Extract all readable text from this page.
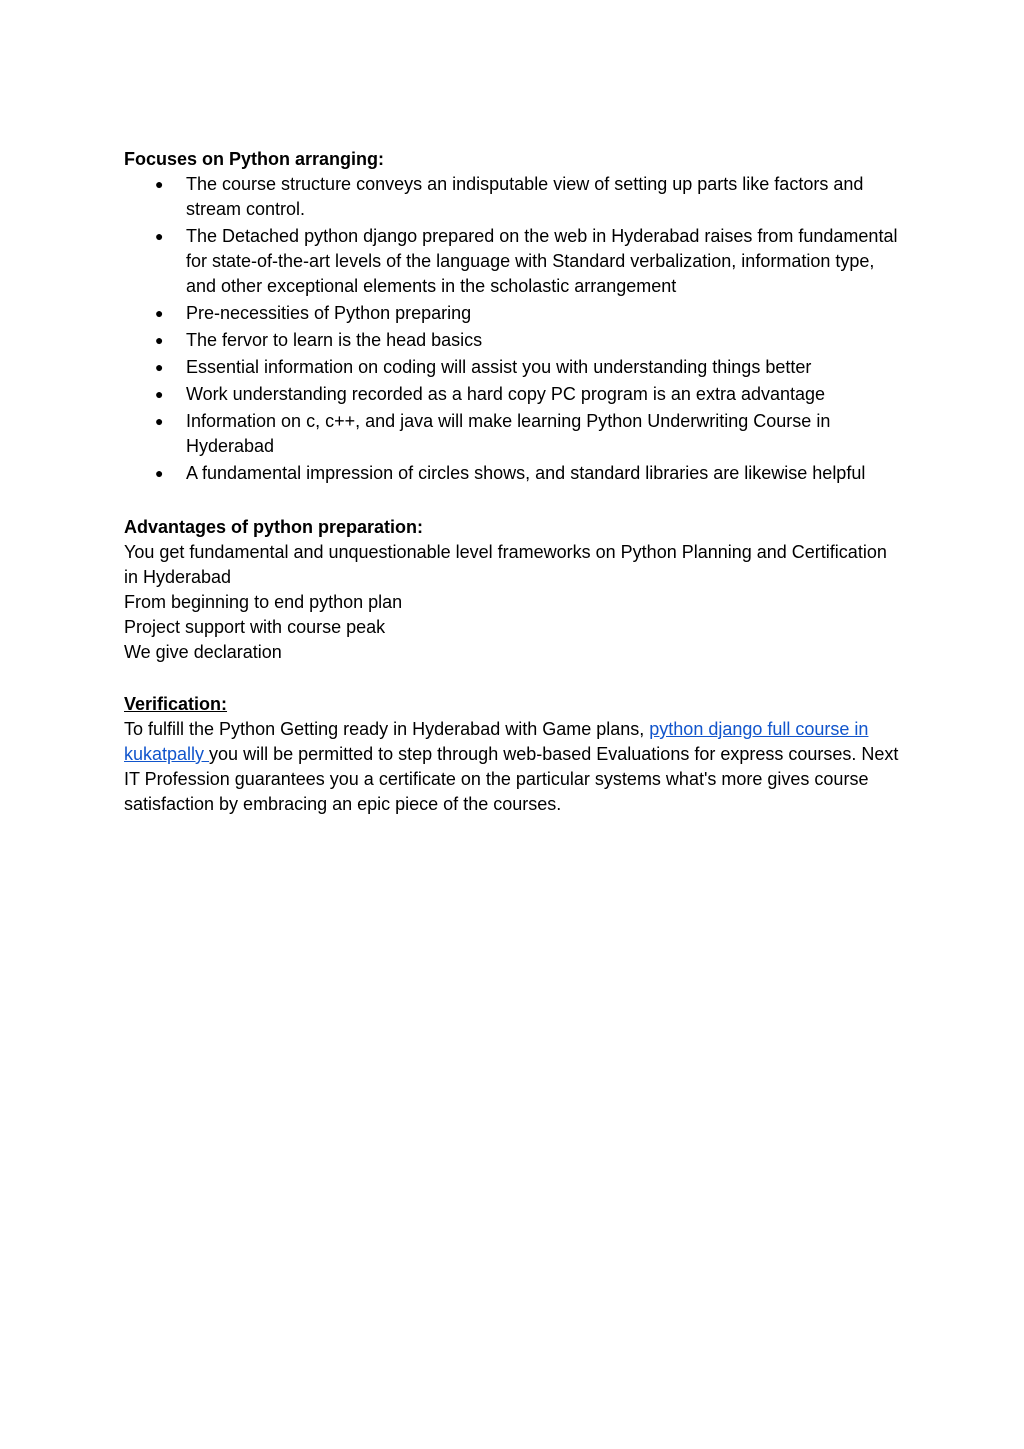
Focuses on Python arranging:

● The course structure conveys an indisputable view of setting up parts like factors and stream control.
● The Detached python django prepared on the web in Hyderabad raises from fundamental for state-of-the-art levels of the language with Standard verbalization, information type, and other exceptional elements in the scholastic arrangement
● Pre-necessities of Python preparing
● The fervor to learn is the head basics
● Essential information on coding will assist you with understanding things better
● Work understanding recorded as a hard copy PC program is an extra advantage
● Information on c, c++, and java will make learning Python Underwriting Course in Hyderabad
● A fundamental impression of circles shows, and standard libraries are likewise helpful

Advantages of python preparation:

You get fundamental and unquestionable level frameworks on Python Planning and Certification in Hyderabad

From beginning to end python plan

Project support with course peak

We give declaration

Verification:

To fulfill the Python Getting ready in Hyderabad with Game plans, python django full course in kukatpally you will be permitted to step through web-based Evaluations for express courses. Next IT Profession guarantees you a certificate on the particular systems what's more gives course satisfaction by embracing an epic piece of the courses.
